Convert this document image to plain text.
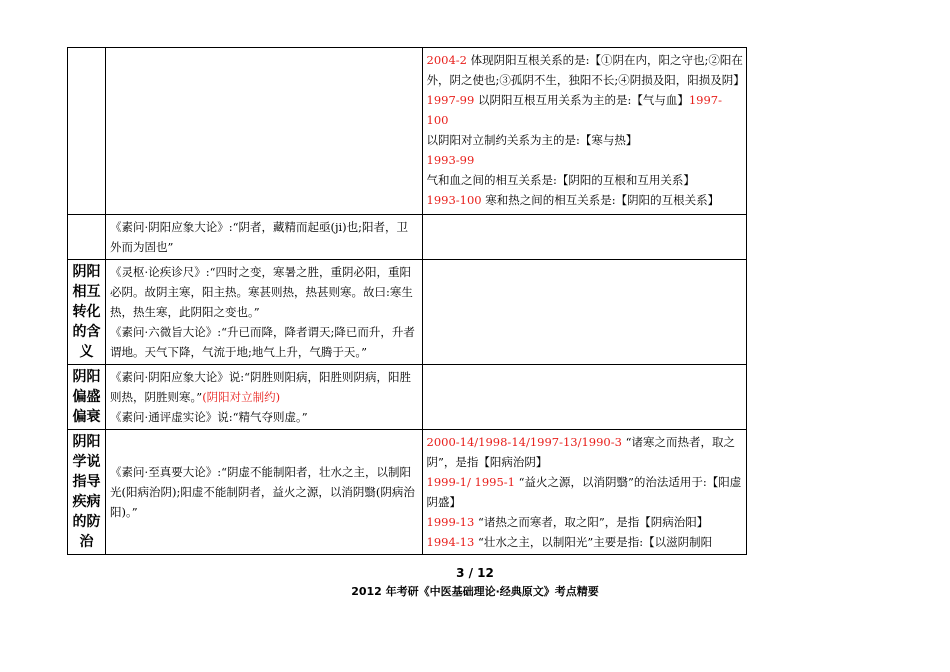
		2004-2 体现阴阳互根关系的是:【①阴在内，阳之守也;②阳在外，阴之使也;③孤阴不生，独阳不长;④阴损及阳，阳损及阴】
1997-99 以阴阳互根互用关系为主的是:【气与血】1997-100
以阴阳对立制约关系为主的是:【寒与热】
1993-99 气和血之间的相互关系是:【阴阳的互根和互用关系】
1993-100 寒和热之间的相互关系是:【阴阳的互根关系】

	《素问·阴阳应象大论》:“阴者，藏精而起亟(ji)也;阳者，卫外而为固也”	
阴阳相互转化的含义	《灵枢·论疾诊尺》:“四时之变，寒暑之胜，重阴必阳，重阳必阴。故阴主寒，阳主热。寒甚则热，热甚则寒。故曰:寒生热，热生寒，此阴阳之变也。”
《素问·六微旨大论》:“升已而降，降者谓天;降已而升，升者谓地。天气下降，气流于地;地气上升，气腾于天。”	

阴阳偏盛偏衰	《素问·阴阳应象大论》说:“阴胜则阳病，阳胜则阴病，阳胜则热，阴胜则寒。”(阴阳对立制约)
《素问·通评虚实论》说:“精气夺则虚。”	

阴阳学说指导疾病的防治	《素问·至真要大论》:“阴虚不能制阳者，壮水之主，以制阳光(阳病治阴);阳虚不能制阴者，益火之源，以消阴翳(阴病治阳)。”	2000-14/1998-14/1997-13/1990-3 “诸寒之而热者，取之阴”，是指【阳病治阴】
1999-1/ 1995-1 “益火之源，以消阴翳”的治法适用于:【阳虚阴盛】
1999-13 “诸热之而寒者，取之阳”，是指【阴病治阳】
1994-13 “壮水之主，以制阳光”主要是指:【以滋阴制阳
3 / 12
2012 年考研《中医基础理论·经典原文》考点精要
